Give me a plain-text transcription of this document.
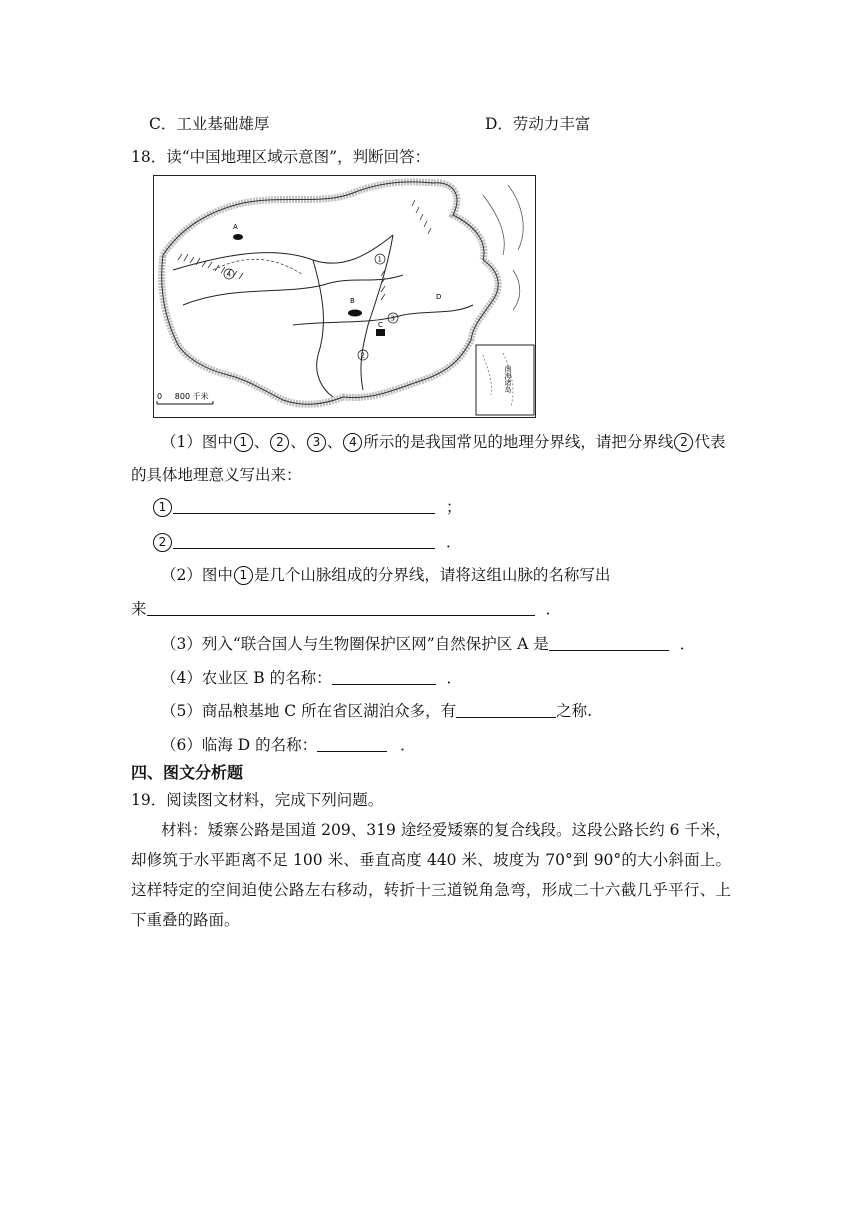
C．工业基础雄厚	D．劳动力丰富
18．读“中国地理区域示意图”，判断回答：
A
B
C
D
1
2
3
4
0     800 千米
南海诸岛
（1）图中 1 、 2 、 3 、 4 所示的是我国常见的地理分界线，请把分界线 2 代表
的具体地理意义写出来：
1	；
2	．
（2）图中 1 是几个山脉组成的分界线，请将这组山脉的名称写出
来	．
（3）列入“联合国人与生物圈保护区网”自然保护区 A 是	．
（4）农业区 B 的名称：	．
（5）商品粮基地 C 所在省区湖泊众多，有	之称.
（6）临海 D 的名称：	．
四、图文分析题
19．阅读图文材料，完成下列问题。
材料：矮寨公路是国道 209、319 途经爱矮寨的复合线段。这段公路长约 6 千米，却修筑于水平距离不足 100 米、垂直高度 440 米、坡度为 70°到 90°的大小斜面上。这样特定的空间迫使公路左右移动，转折十三道锐角急弯，形成二十六截几乎平行、上下重叠的路面。
